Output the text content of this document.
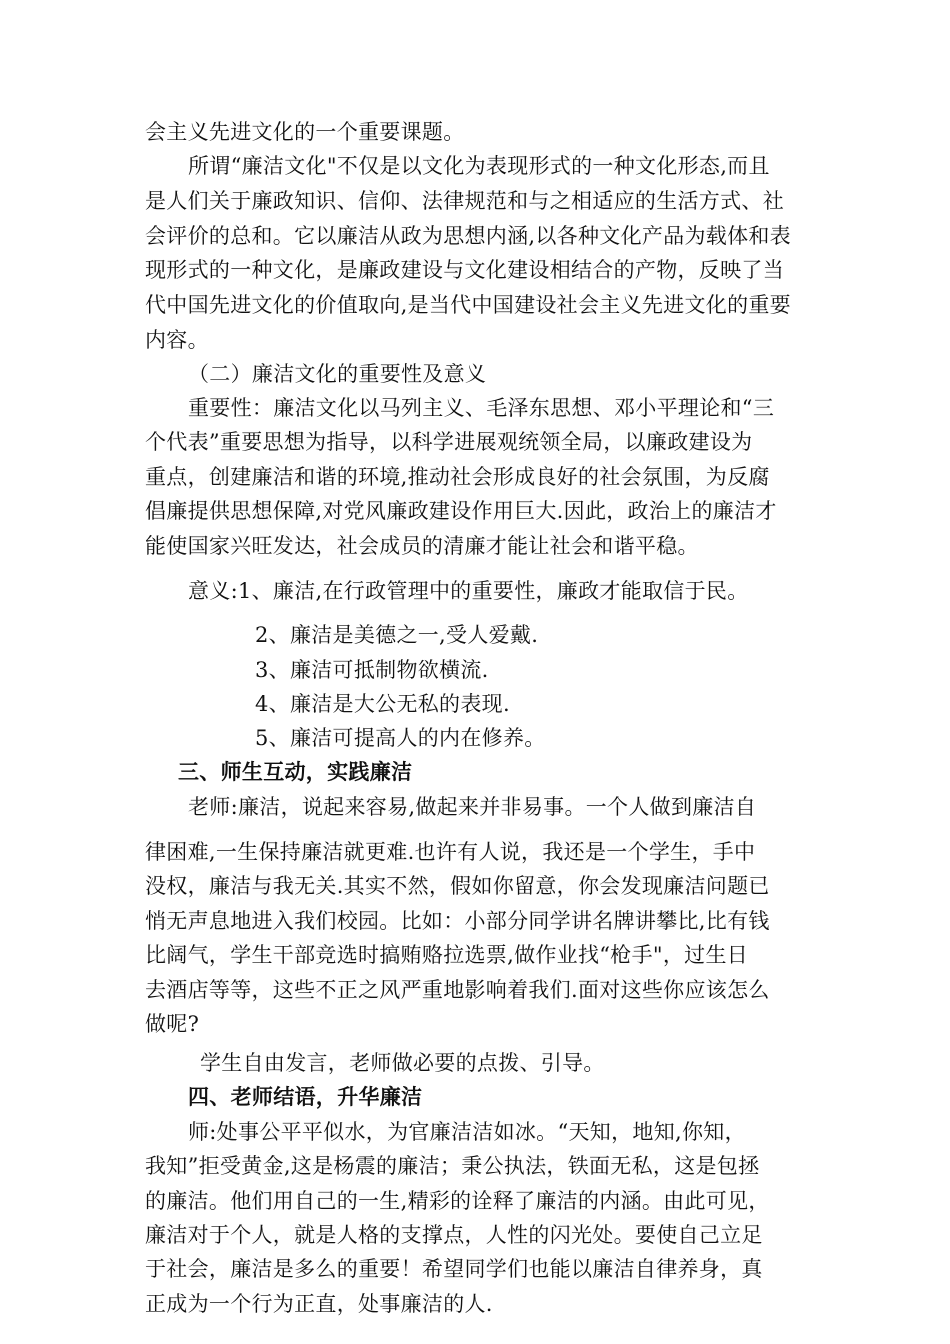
会主义先进文化的一个重要课题。
所谓“廉洁文化"不仅是以文化为表现形式的一种文化形态,而且
是人们关于廉政知识、信仰、法律规范和与之相适应的生活方式、社
会评价的总和。它以廉洁从政为思想内涵,以各种文化产品为载体和表
现形式的一种文化，是廉政建设与文化建设相结合的产物，反映了当
代中国先进文化的价值取向,是当代中国建设社会主义先进文化的重要
内容。
（二）廉洁文化的重要性及意义
重要性：廉洁文化以马列主义、毛泽东思想、邓小平理论和“三
个代表”重要思想为指导，以科学进展观统领全局，以廉政建设为
重点，创建廉洁和谐的环境,推动社会形成良好的社会氛围，为反腐
倡廉提供思想保障,对党风廉政建设作用巨大.因此，政治上的廉洁才
能使国家兴旺发达，社会成员的清廉才能让社会和谐平稳。
意义:1、廉洁,在行政管理中的重要性，廉政才能取信于民。
2、廉洁是美德之一,受人爱戴.
3、廉洁可抵制物欲横流.
4、廉洁是大公无私的表现.
5、廉洁可提高人的内在修养。
三、师生互动，实践廉洁
老师:廉洁，说起来容易,做起来并非易事。一个人做到廉洁自
律困难,一生保持廉洁就更难.也许有人说，我还是一个学生，手中
没权，廉洁与我无关.其实不然，假如你留意，你会发现廉洁问题已
悄无声息地进入我们校园。比如：小部分同学讲名牌讲攀比,比有钱
比阔气，学生干部竞选时搞贿赂拉选票,做作业找“枪手"，过生日
去酒店等等，这些不正之风严重地影响着我们.面对这些你应该怎么
做呢?
学生自由发言，老师做必要的点拨、引导。
四、老师结语，升华廉洁
师:处事公平平似水，为官廉洁洁如冰。“天知，地知,你知，
我知”拒受黄金,这是杨震的廉洁；秉公执法，铁面无私，这是包拯
的廉洁。他们用自己的一生,精彩的诠释了廉洁的内涵。由此可见，
廉洁对于个人，就是人格的支撑点，人性的闪光处。要使自己立足
于社会，廉洁是多么的重要！希望同学们也能以廉洁自律养身，真
正成为一个行为正直，处事廉洁的人.
